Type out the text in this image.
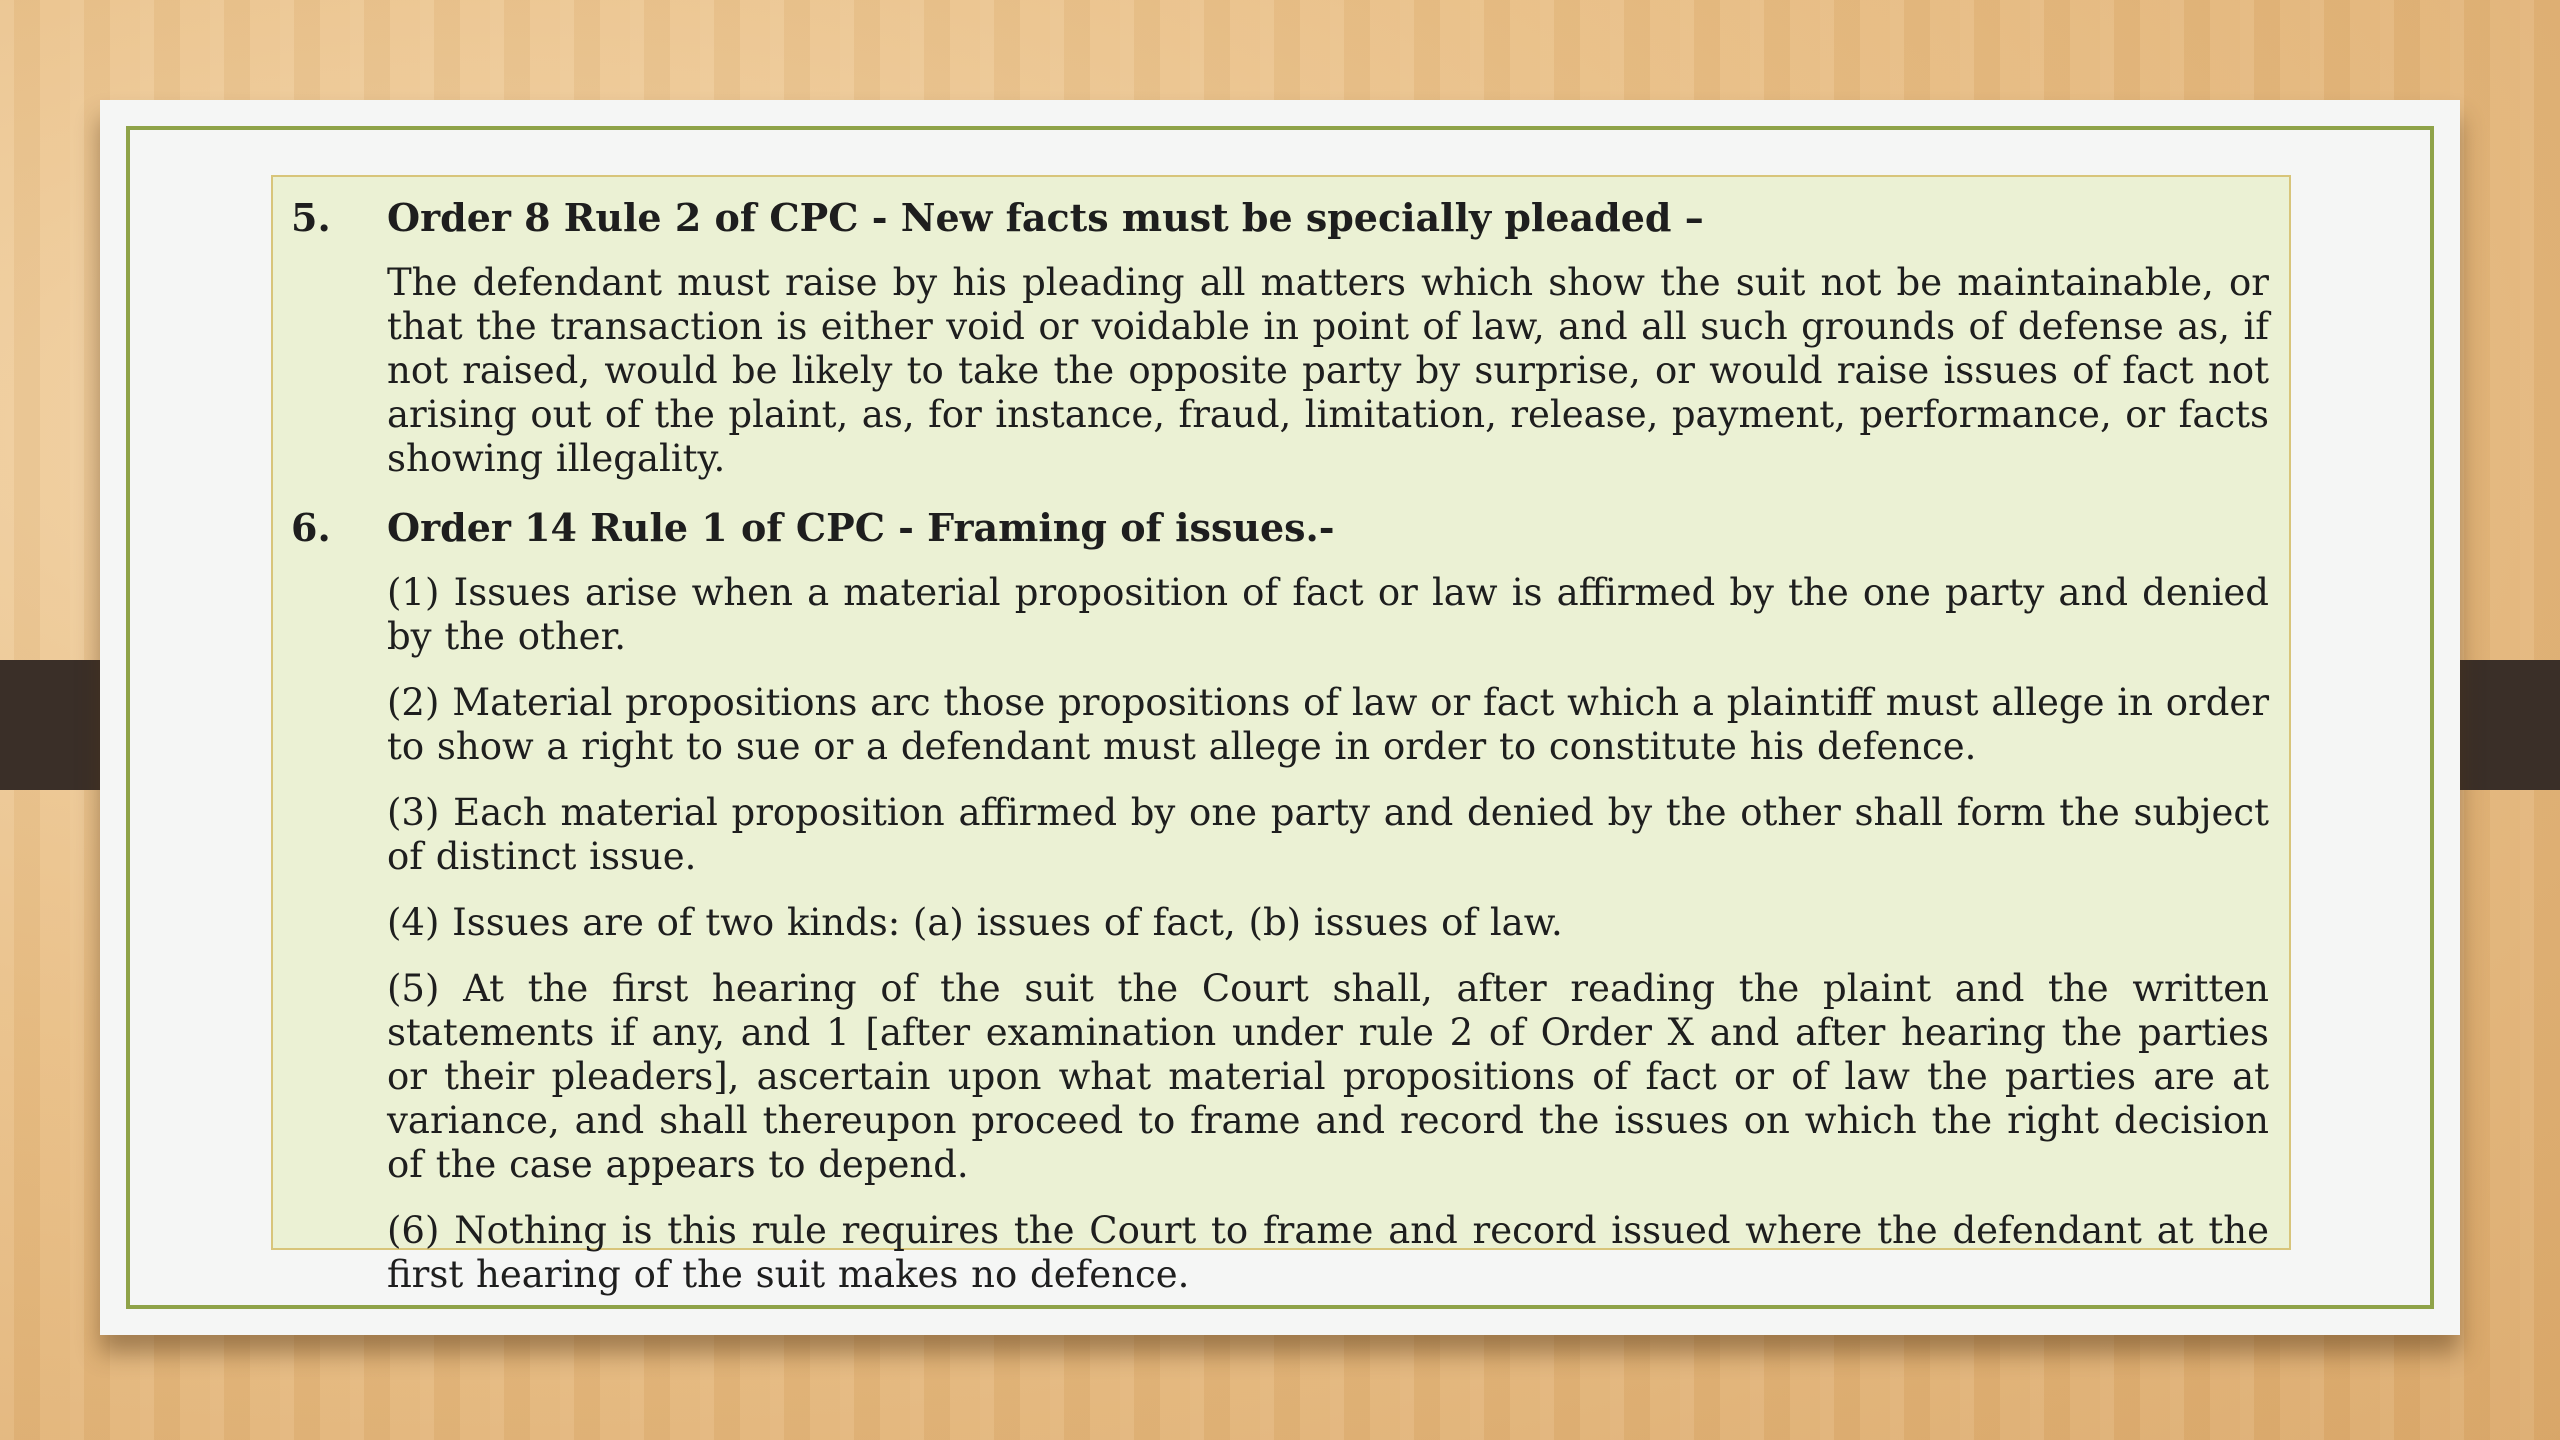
5.	Order 8 Rule 2 of CPC - New facts must be specially pleaded –

The defendant must raise by his pleading all matters which show the suit not be maintainable, or that the transaction is either void or voidable in point of law, and all such grounds of defense as, if not raised, would be likely to take the opposite party by surprise, or would raise issues of fact not arising out of the plaint, as, for instance, fraud, limitation, release, payment, performance, or facts showing illegality.

6.	Order 14 Rule 1 of CPC - Framing of issues.-

(1) Issues arise when a material proposition of fact or law is affirmed by the one party and denied by the other.

(2) Material propositions arc those propositions of law or fact which a plaintiff must allege in order to show a right to sue or a defendant must allege in order to constitute his defence.

(3) Each material proposition affirmed by one party and denied by the other shall form the subject of distinct issue.

(4) Issues are of two kinds: (a) issues of fact, (b) issues of law.

(5) At the first hearing of the suit the Court shall, after reading the plaint and the written statements if any, and 1 [after examination under rule 2 of Order X and after hearing the parties or their pleaders], ascertain upon what material propositions of fact or of law the parties are at variance, and shall thereupon proceed to frame and record the issues on which the right decision of the case appears to depend.

(6) Nothing is this rule requires the Court to frame and record issued where the defendant at the first hearing of the suit makes no defence.
